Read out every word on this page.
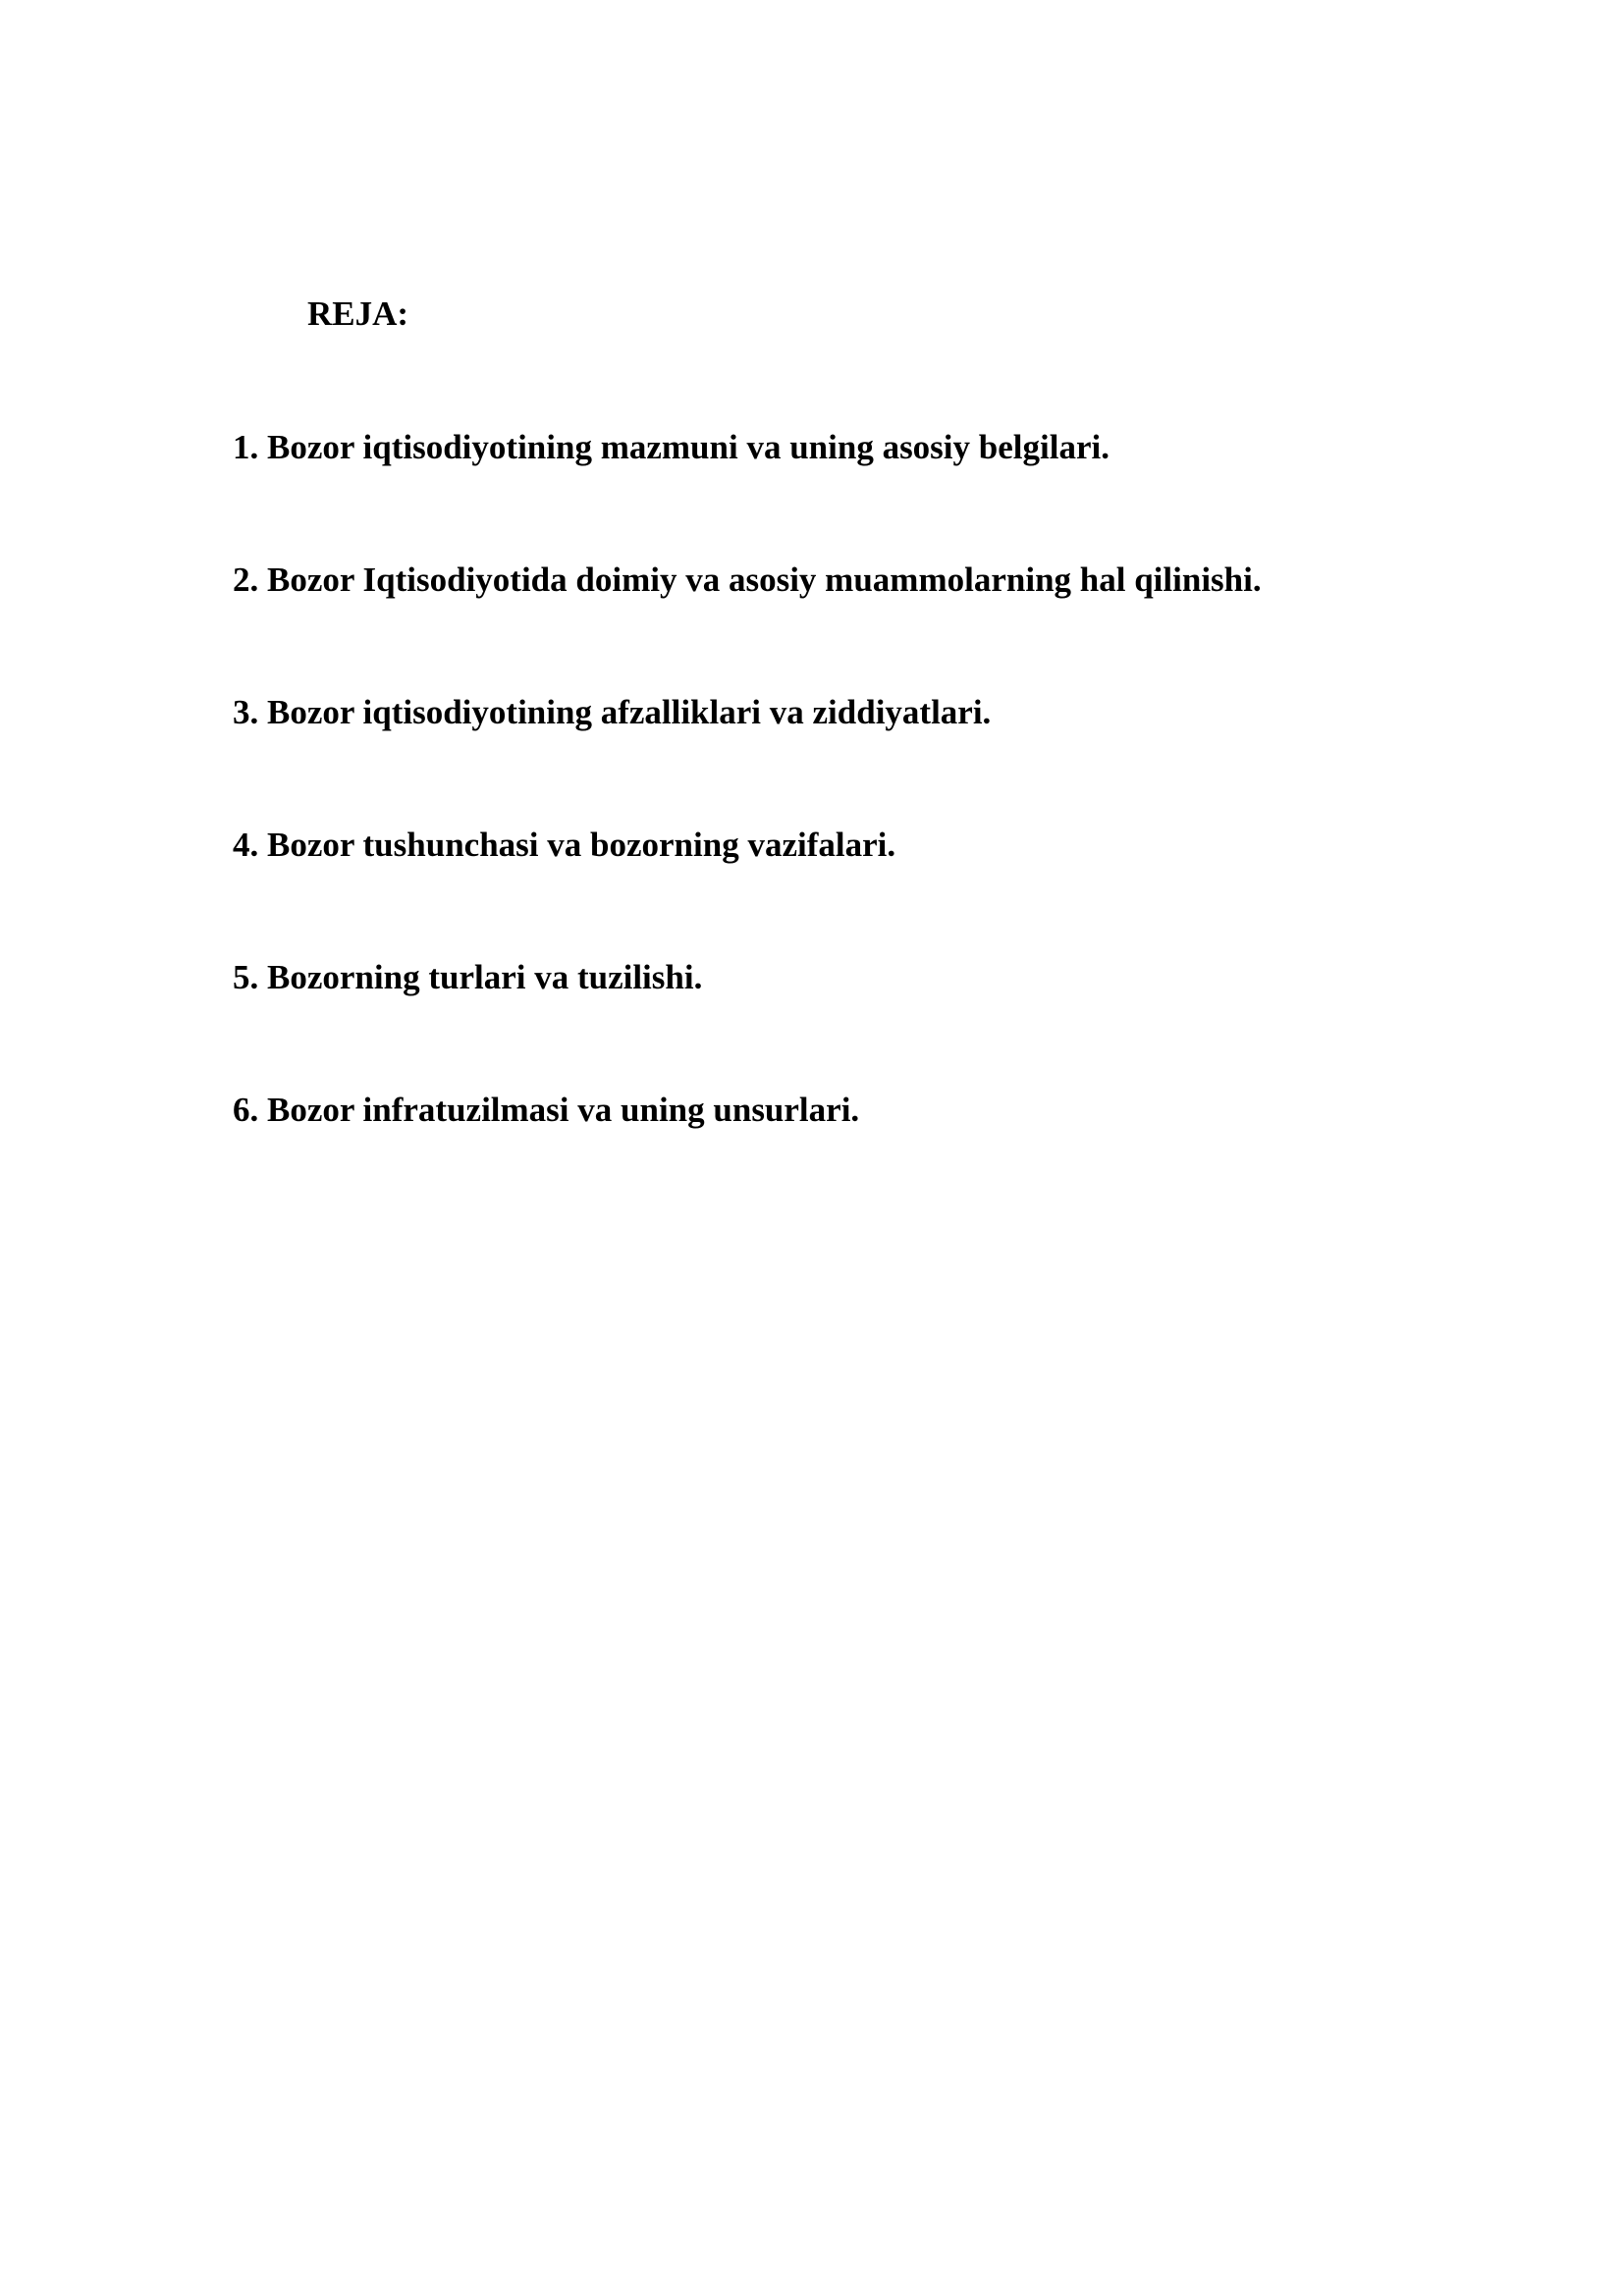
REJA:
1. Bozor iqtisodiyotining mazmuni va uning asosiy belgilari.
2. Bozor Iqtisodiyotida doimiy va asosiy muammolarning hal qilinishi.
3. Bozor iqtisodiyotining afzalliklari va ziddiyatlari.
4. Bozor tushunchasi va bozorning vazifalari.
5. Bozorning turlari va tuzilishi.
6. Bozor infratuzilmasi va uning unsurlari.
